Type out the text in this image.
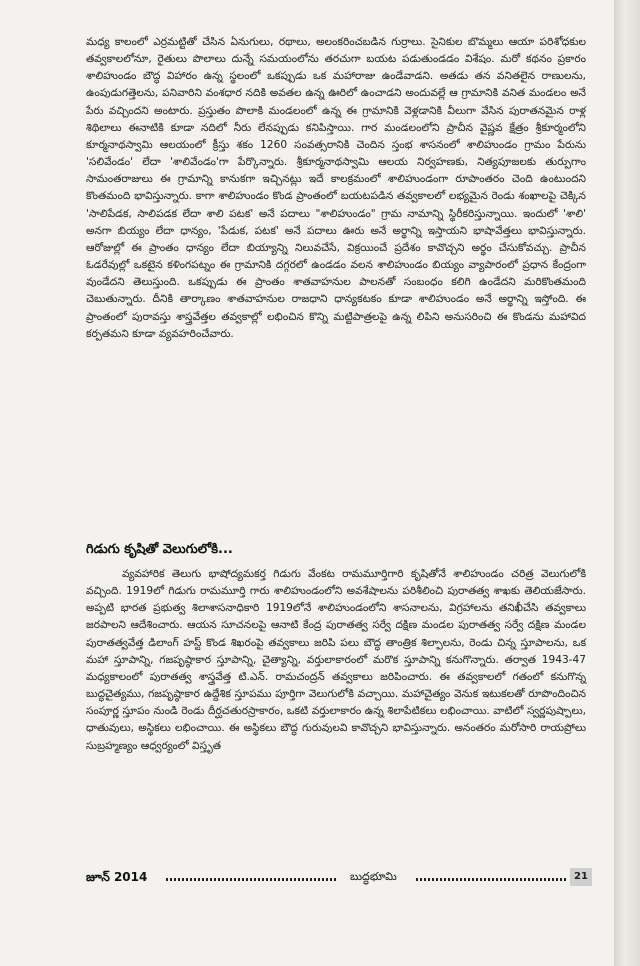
మధ్య కాలంలో ఎర్రమట్టితో చేసిన ఏనుగులు, రథాలు, అలంకరించబడిన గుర్రాలు. సైనికుల బొమ్మలు ఆయా పరిశోధకుల తవ్వకాలలోనూ, రైతులు పొలాలు దున్నే సమయంలోను తరచుగా బయట పడుతుండడం విశేషం. మరో కథనం ప్రకారం శాలిహుండం బౌద్ధ విహారం ఉన్న స్థలంలో ఒకప్పుడు ఒక మహారాజు ఉండేవాడని. అతడు తన వనితలైన రాణులను, ఉంపుడుగత్తెలను, పనివారిని వంశధార నదికి అవతల ఉన్న ఊరిలో ఉంచాడని అందువల్లే ఆ గ్రామానికి వనిత మండలం అనే పేరు వచ్చిందని అంటారు. ప్రస్తుతం పొలాకి మండలంలో ఉన్న ఈ గ్రామానికి వెళ్లడానికి వీలుగా వేసిన పురాతనమైన రాళ్ల శిథిలాలు ఈనాటికి కూడా నదిలో నీరు లేనప్పుడు కనిపిస్తాయి. గార మండలంలోని ప్రాచీన వైష్ణవ క్షేత్రం శ్రీకూర్మంలోని కూర్మనాథస్వామి ఆలయంలో క్రీస్తు శకం 1260 సంవత్సరానికి చెందిన స్తంభ శాసనంలో శాలిహుండం గ్రామం పేరును 'సలివేండం' లేదా 'శాలివేండం'గా పేర్కొన్నారు. శ్రీకూర్మనాథస్వామి ఆలయ నిర్వహణకు, నిత్యపూజలకు తుర్పుగాం సామంతరాజులు ఈ గ్రామాన్ని కానుకగా ఇచ్చినట్లు ఇదే కాలక్రమంలో శాలిహుండంగా రూపాంతరం చెంది ఉంటుందని కొంతమంది భావిస్తున్నారు. కాగా శాలిహుండం కొండ ప్రాంతంలో బయటపడిన తవ్వకాలలో లభ్యమైన రెండు శంఖాలపై చెక్కిన 'సాలిపేడక, సాలిపడక లేదా శాలి పటక' అనే పదాలు "శాలిహుండం" గ్రామ నామాన్ని స్థిరీకరిస్తున్నాయి. ఇందులో 'శాలి' అనగా బియ్యం లేదా ధాన్యం, 'పేడుక, పటక' అనే పదాలు ఊరు అనే అర్థాన్ని ఇస్తాయని భాషావేత్తలు భావిస్తున్నారు. ఆరోజుల్లో ఈ ప్రాంతం ధాన్యం లేదా బియ్యాన్ని నిలువచేసే, విక్రయించే ప్రదేశం కావొచ్చని అర్థం చేసుకోవచ్చు. ప్రాచీన ఓడరేవుల్లో ఒకటైన కళింగపట్నం ఈ గ్రామానికి దగ్గరలో ఉండడం వలన శాలిహుండం బియ్యం వ్యాపారంలో ప్రధాన కేంద్రంగా వుండేదని తెలుస్తుంది. ఒకప్పుడు ఈ ప్రాంతం శాతవాహనుల పాలనతో సంబంధం కలిగి ఉండేదని మరికొంతమంది చెబుతున్నారు. దీనికి తార్కాణం శాతవాహనుల రాజధాని ధాన్యకటకం కూడా శాలిహుండం అనే అర్థాన్ని ఇస్తోంది. ఈ ప్రాంతంలో పురావస్తు శాస్త్రవేత్తల తవ్వకాల్లో లభించిన కొన్ని మట్టిపాత్రలపై ఉన్న లిపిని అనుసరించి ఈ కొండను మహావిద కర్పతమని కూడా వ్యవహరించేవారు.

గిడుగు కృషితో వెలుగులోకి...

వ్యవహారిక తెలుగు భాషోద్యమకర్త గిడుగు వేంకట రామమూర్తిగారి కృషితోనే శాలిహుండం చరిత్ర వెలుగులోకి వచ్చింది. 1919లో గిడుగు రామమూర్తి గారు శాలిహుండంలోని అవశేషాలను పరిశీలించి పురాతత్వ శాఖకు తెలియజేసారు. అప్పటి భారత ప్రభుత్వ శిలాశాసనాధికారి 1919లోనే శాలిహుండంలోని శాసనాలను, విగ్రహాలను తనిఖీచేసి తవ్వకాలు జరపాలని ఆదేశించారు. ఆయన సూచనలపై ఆనాటి కేంద్ర పురాతత్వ సర్వే దక్షిణ మండల పురాతత్వ సర్వే దక్షిణ మండల పురాతత్వవేత్త డిలాంగ్ హస్ట్ కొండ శిఖరంపై తవ్వకాలు జరిపి పలు బౌద్ధ తాంత్రిక శిల్పాలను, రెండు చిన్న స్తూపాలను, ఒక మహా స్తూపాన్ని, గజపృష్ఠాకార స్తూపాన్ని, చైత్యాన్ని, వర్తులాకారంలో మరొక స్తూపాన్ని కనుగొన్నారు. తర్వాత 1943-47 మధ్యకాలంలో పురాతత్వ శాస్త్రవేత్త టి.ఎన్. రామచంద్రన్ తవ్వకాలు జరిపించారు. ఈ తవ్వకాలలో గతంలో కనుగొన్న బుద్ధచైత్యము, గజపృష్ఠాకార ఉద్దేశిక స్తూపము పూర్తిగా వెలుగులోకి వచ్చాయి. మహాచైత్యం వెనుక ఇటుకలతో రూపొందించిన సంపూర్ణ స్తూపం నుండి రెండు దీర్ఘచతురస్రాకారం, ఒకటి వర్తులాకారం ఉన్న శిలాపేటికలు లభించాయి. వాటిలో స్వర్ణపుష్పాలు, ధాతువులు, అస్థికలు లభించాయి. ఈ అస్థికలు బౌద్ధ గురువులవి కావొచ్చని భావిస్తున్నారు. అనంతరం మరోసారి రాయప్రోలు సుబ్రహ్మణ్యం ఆధ్వర్యంలో విస్తృత

జూన్ 2014	బుద్ధభూమి	21
